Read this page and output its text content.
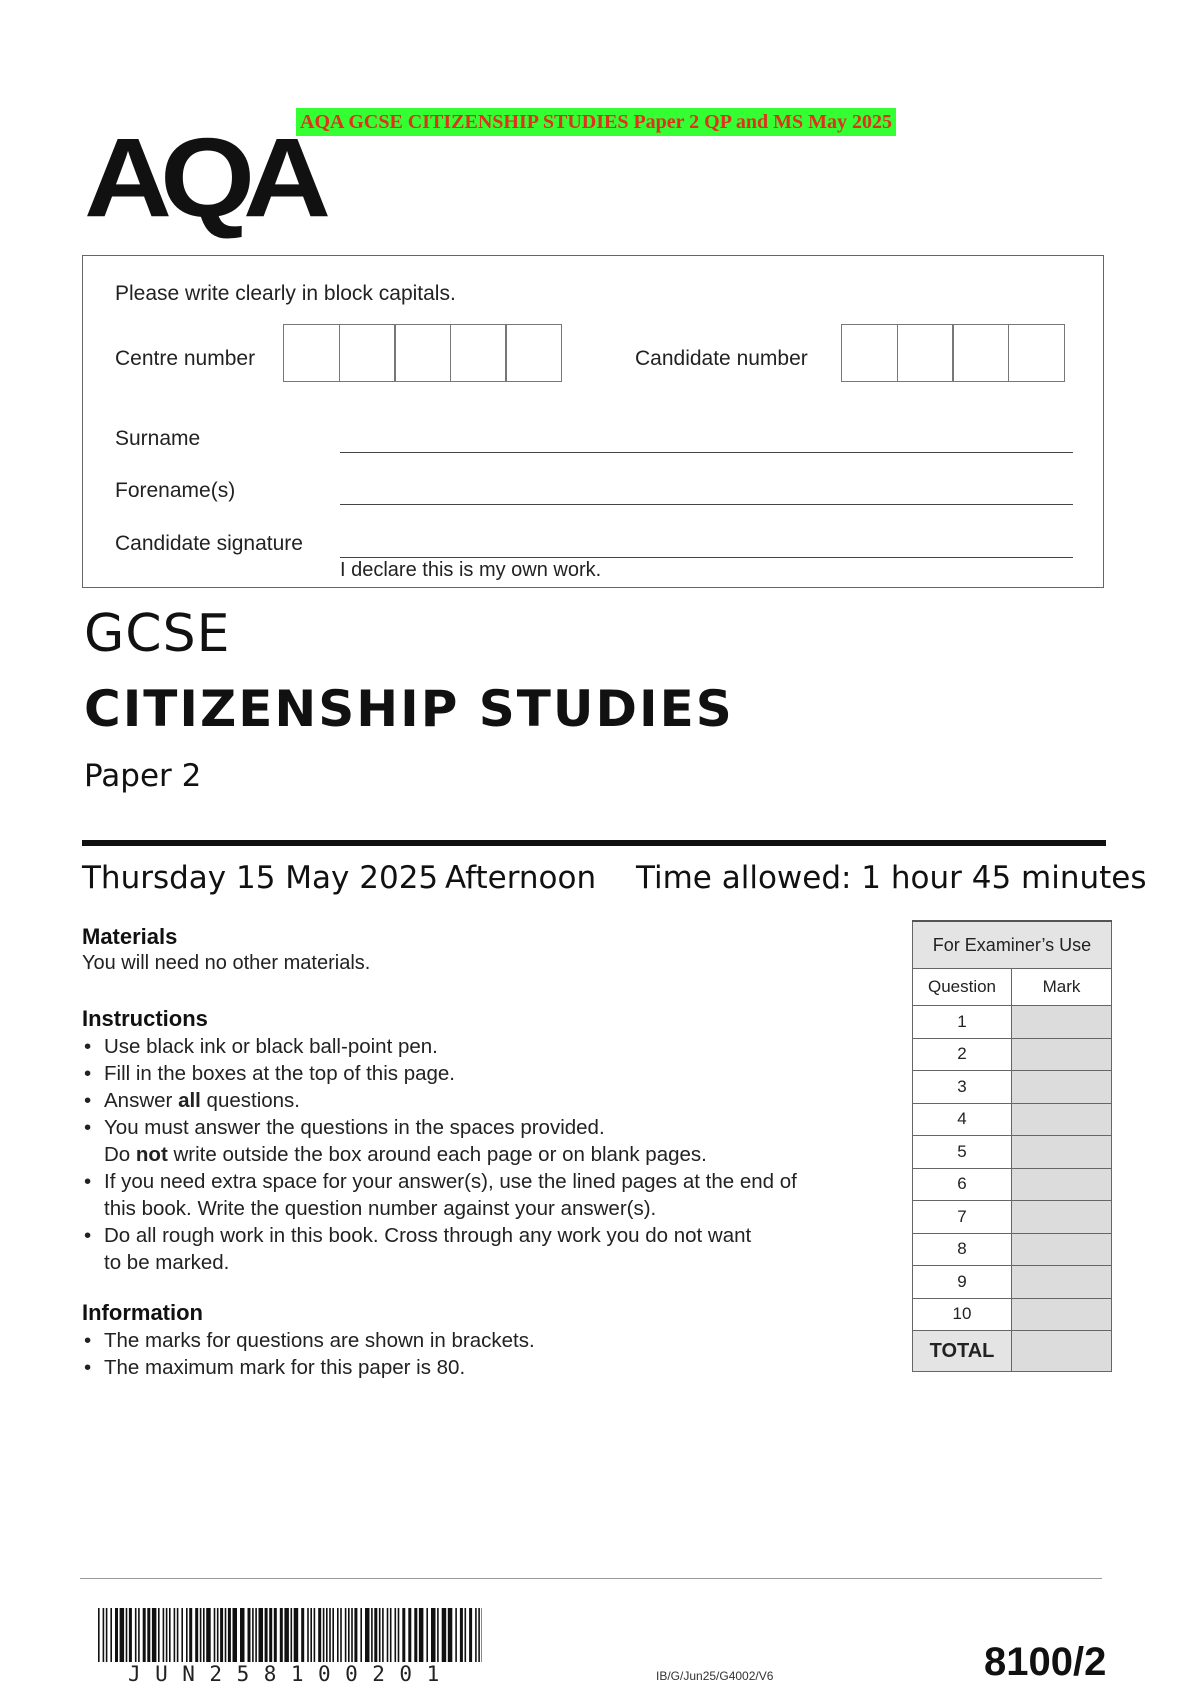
AQA GCSE CITIZENSHIP STUDIES Paper 2 QP and MS May 2025
AQA
Please write clearly in block capitals.
Centre number	Candidate number
Surname
Forename(s)
Candidate signature
I declare this is my own work.
GCSE
CITIZENSHIP STUDIES
Paper 2
Thursday 15 May 2025 Afternoon Time allowed: 1 hour 45 minutes
Materials
You will need no other materials.
Instructions
• Use black ink or black ball-point pen.
• Fill in the boxes at the top of this page.
• Answer all questions.
• You must answer the questions in the spaces provided.
Do not write outside the box around each page or on blank pages.
• If you need extra space for your answer(s), use the lined pages at the end of
this book. Write the question number against your answer(s).
• Do all rough work in this book. Cross through any work you do not want
to be marked.
Information
• The marks for questions are shown in brackets.
• The maximum mark for this paper is 80.
For Examiner’s Use	
Question	Mark
1	
2	
3	
4	
5	
6	
7	
8	
9	
10	
TOTAL	
JUN258100201	IB/G/Jun25/G4002/V6	8100/2
